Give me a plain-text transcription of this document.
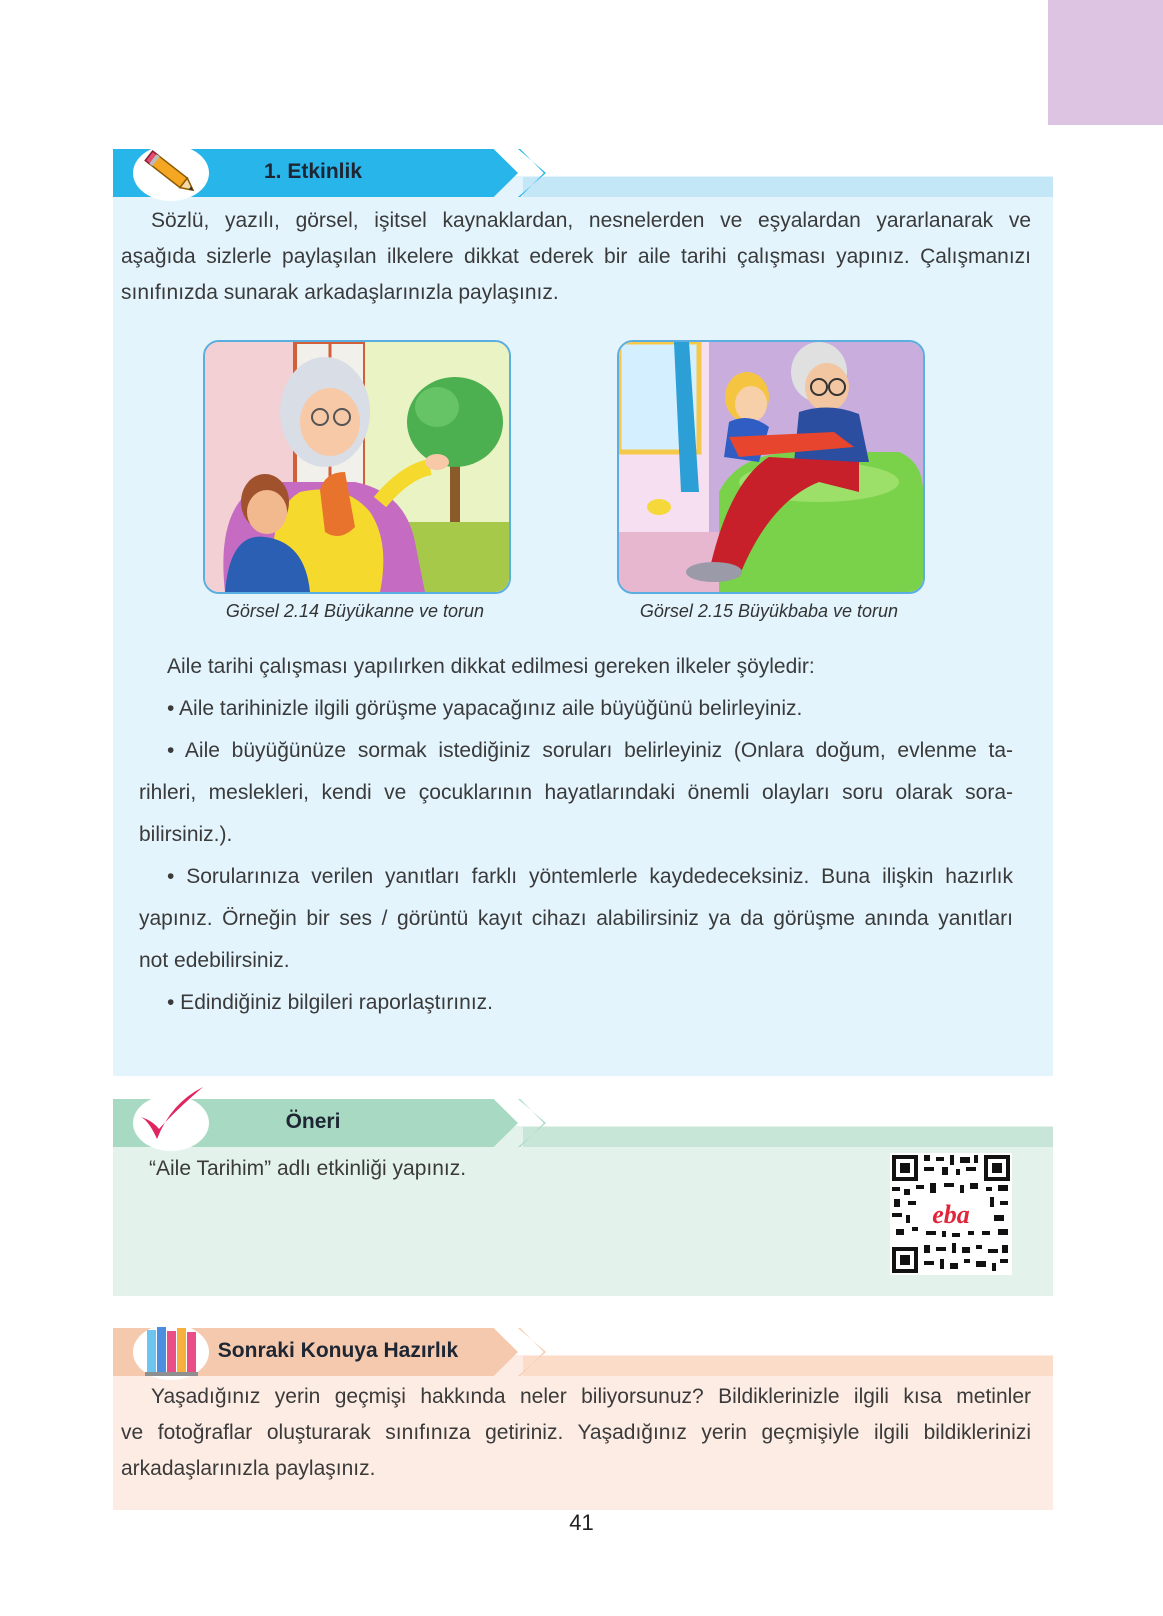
1. Etkinlik
Sözlü, yazılı, görsel, işitsel kaynaklardan, nesnelerden ve eşyalardan yararlanarak ve
aşağıda sizlerle paylaşılan ilkelere dikkat ederek bir aile tarihi çalışması yapınız. Çalışmanızı
sınıfınızda sunarak arkadaşlarınızla paylaşınız.
Görsel 2.14 Büyükanne ve torun	Görsel 2.15 Büyükbaba ve torun
Aile tarihi çalışması yapılırken dikkat edilmesi gereken ilkeler şöyledir:
• Aile tarihinizle ilgili görüşme yapacağınız aile büyüğünü belirleyiniz.
• Aile büyüğünüze sormak istediğiniz soruları belirleyiniz (Onlara doğum, evlenme ta-
rihleri, meslekleri, kendi ve çocuklarının hayatlarındaki önemli olayları soru olarak sora-
bilirsiniz.).
• Sorularınıza verilen yanıtları farklı yöntemlerle kaydedeceksiniz. Buna ilişkin hazırlık
yapınız. Örneğin bir ses / görüntü kayıt cihazı alabilirsiniz ya da görüşme anında yanıtları
not edebilirsiniz.
• Edindiğiniz bilgileri raporlaştırınız.
Öneri
“Aile Tarihim” adlı etkinliği yapınız.
eba
Sonraki Konuya Hazırlık
Yaşadığınız yerin geçmişi hakkında neler biliyorsunuz? Bildiklerinizle ilgili kısa metinler
ve fotoğraflar oluşturarak sınıfınıza getiriniz. Yaşadığınız yerin geçmişiyle ilgili bildiklerinizi
arkadaşlarınızla paylaşınız.
41
